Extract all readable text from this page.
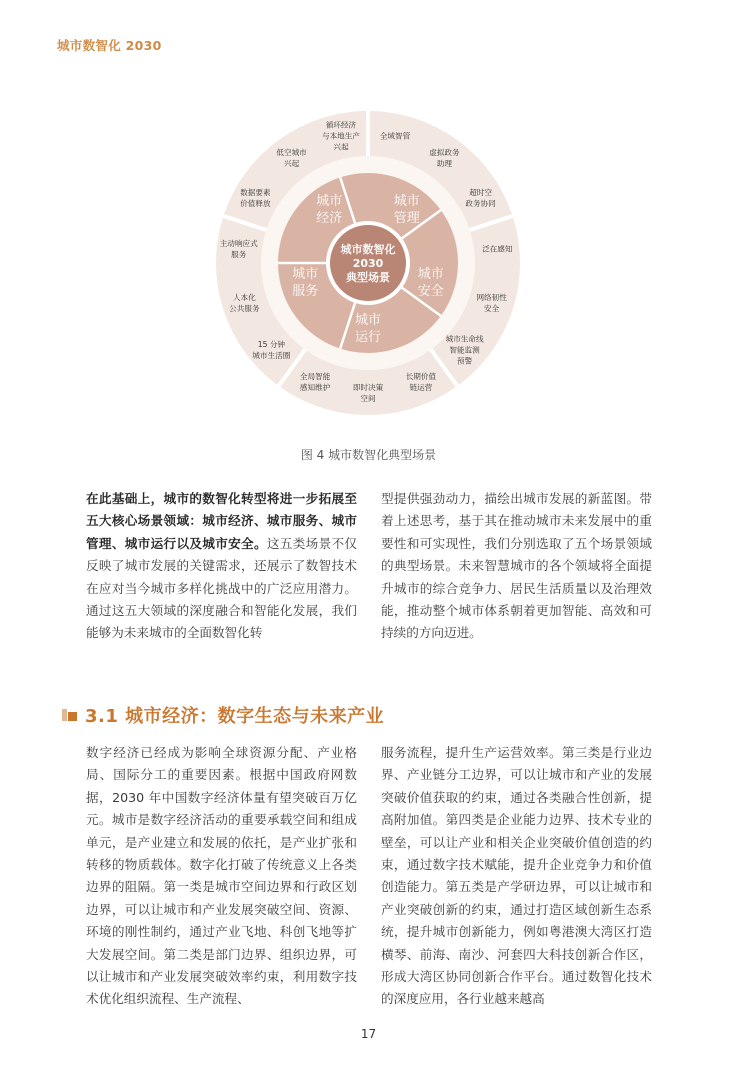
城市数智化 2030
城市数智化
2030
典型场景
城市
经济
城市
管理
城市
安全
城市
运行
城市
服务
循环经济
与本地生产
兴起
全域智管
虚拟政务
助理
超时空
政务协同
泛在感知
网络韧性
安全
城市生命线
智能监测
预警
长期价值
链运营
即时决策
空间
全局智能
感知维护
15 分钟
城市生活圈
人本化
公共服务
主动响应式
服务
数据要素
价值释放
低空城市
兴起
图 4 城市数智化典型场景
在此基础上，城市的数智化转型将进一步拓展至五大核心场景领域：城市经济、城市服务、城市管理、城市运行以及城市安全。这五类场景不仅反映了城市发展的关键需求，还展示了数智技术在应对当今城市多样化挑战中的广泛应用潜力。通过这五大领域的深度融合和智能化发展，我们能够为未来城市的全面数智化转
型提供强劲动力，描绘出城市发展的新蓝图。带着上述思考，基于其在推动城市未来发展中的重要性和可实现性，我们分别选取了五个场景领域的典型场景。未来智慧城市的各个领域将全面提升城市的综合竞争力、居民生活质量以及治理效能，推动整个城市体系朝着更加智能、高效和可持续的方向迈进。
3.1 城市经济：数字生态与未来产业
数字经济已经成为影响全球资源分配、产业格局、国际分工的重要因素。根据中国政府网数据，2030 年中国数字经济体量有望突破百万亿元。城市是数字经济活动的重要承载空间和组成单元，是产业建立和发展的依托，是产业扩张和转移的物质载体。数字化打破了传统意义上各类边界的阻隔。第一类是城市空间边界和行政区划边界，可以让城市和产业发展突破空间、资源、环境的刚性制约，通过产业飞地、科创飞地等扩大发展空间。第二类是部门边界、组织边界，可以让城市和产业发展突破效率约束，利用数字技术优化组织流程、生产流程、
服务流程，提升生产运营效率。第三类是行业边界、产业链分工边界，可以让城市和产业的发展突破价值获取的约束，通过各类融合性创新，提高附加值。第四类是企业能力边界、技术专业的壁垒，可以让产业和相关企业突破价值创造的约束，通过数字技术赋能，提升企业竞争力和价值创造能力。第五类是产学研边界，可以让城市和产业突破创新的约束，通过打造区域创新生态系统，提升城市创新能力，例如粤港澳大湾区打造横琴、前海、南沙、河套四大科技创新合作区，形成大湾区协同创新合作平台。通过数智化技术的深度应用，各行业越来越高
17
